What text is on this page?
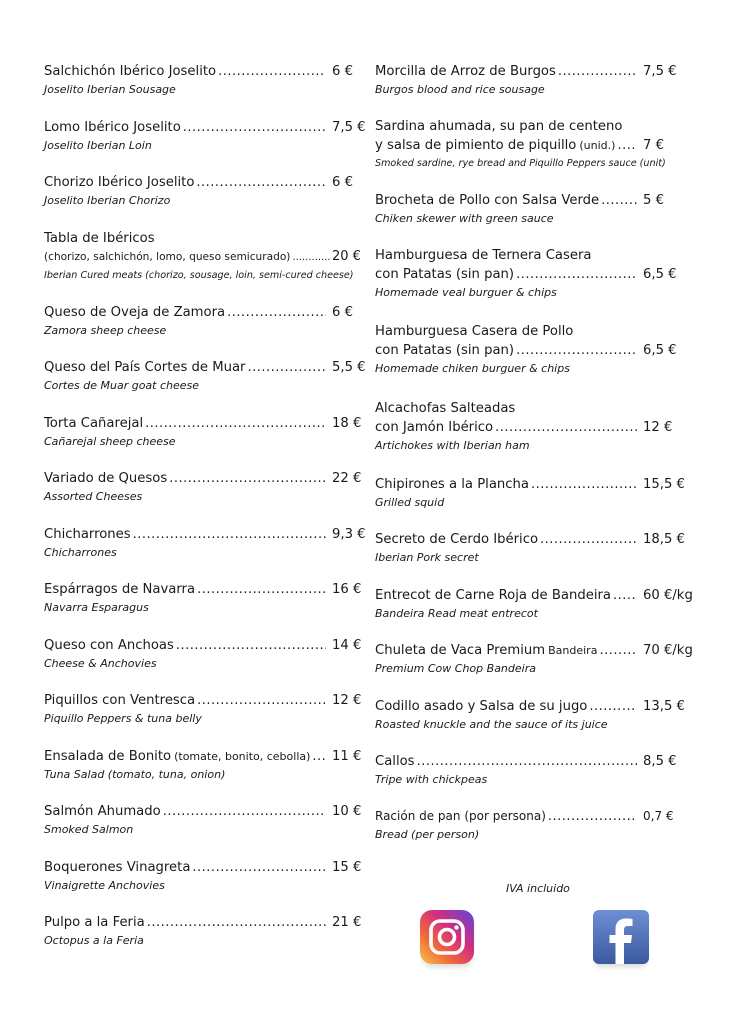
Salchichón Ibérico Joselito .....	6 €
Joselito Iberian Sousage
Lomo Ibérico Joselito .....	7,5 €
Joselito Iberian Loin
Chorizo Ibérico Joselito .....	6 €
Joselito Iberian Chorizo
Tabla de Ibéricos
(chorizo, salchichón, lomo, queso semicurado) .....	20 €
Iberian Cured meats (chorizo, sousage, loin, semi-cured cheese)
Queso de Oveja de Zamora .....	6 €
Zamora sheep cheese
Queso del País Cortes de Muar .....	5,5 €
Cortes de Muar goat cheese
Torta Cañarejal .....	18 €
Cañarejal sheep cheese
Variado de Quesos .....	22 €
Assorted Cheeses
Chicharrones .....	9,3 €
Chicharrones
Espárragos de Navarra .....	16 €
Navarra Esparagus
Queso con Anchoas .....	14 €
Cheese & Anchovies
Piquillos con Ventresca .....	12 €
Piquillo Peppers & tuna belly
Ensalada de Bonito (tomate, bonito, cebolla) ..... 11 €
Tuna Salad (tomato, tuna, onion)
Salmón Ahumado .....	10 €
Smoked Salmon
Boquerones Vinagreta .....	15 €
Vinaigrette Anchovies
Pulpo a la Feria .....	21 €
Octopus a la Feria
Morcilla de Arroz de Burgos .....	7,5 €
Burgos blood and rice sousage
Sardina ahumada, su pan de centeno
y salsa de pimiento de piquillo (unid.) ..... 7 €
Smoked sardine, rye bread and Piquillo Peppers sauce (unit)
Brocheta de Pollo con Salsa Verde .....	5 €
Chiken skewer with green sauce
Hamburguesa de Ternera Casera
con Patatas (sin pan) .....	6,5 €
Homemade veal burguer & chips
Hamburguesa Casera de Pollo
con Patatas (sin pan) .....	6,5 €
Homemade chiken burguer & chips
Alcachofas Salteadas
con Jamón Ibérico .....	12 €
Artichokes with Iberian ham
Chipirones a la Plancha .....	15,5 €
Grilled squid
Secreto de Cerdo Ibérico .....	18,5 €
Iberian Pork secret
Entrecot de Carne Roja de Bandeira ..... 60 €/kg
Bandeira Read meat entrecot
Chuleta de Vaca Premium Bandeira .....	70 €/kg
Premium Cow Chop Bandeira
Codillo asado y Salsa de su jugo .....	13,5 €
Roasted knuckle and the sauce of its juice
Callos .....	8,5 €
Tripe with chickpeas
Ración de pan (por persona) .....	0,7 €
Bread (per person)
IVA incluido
